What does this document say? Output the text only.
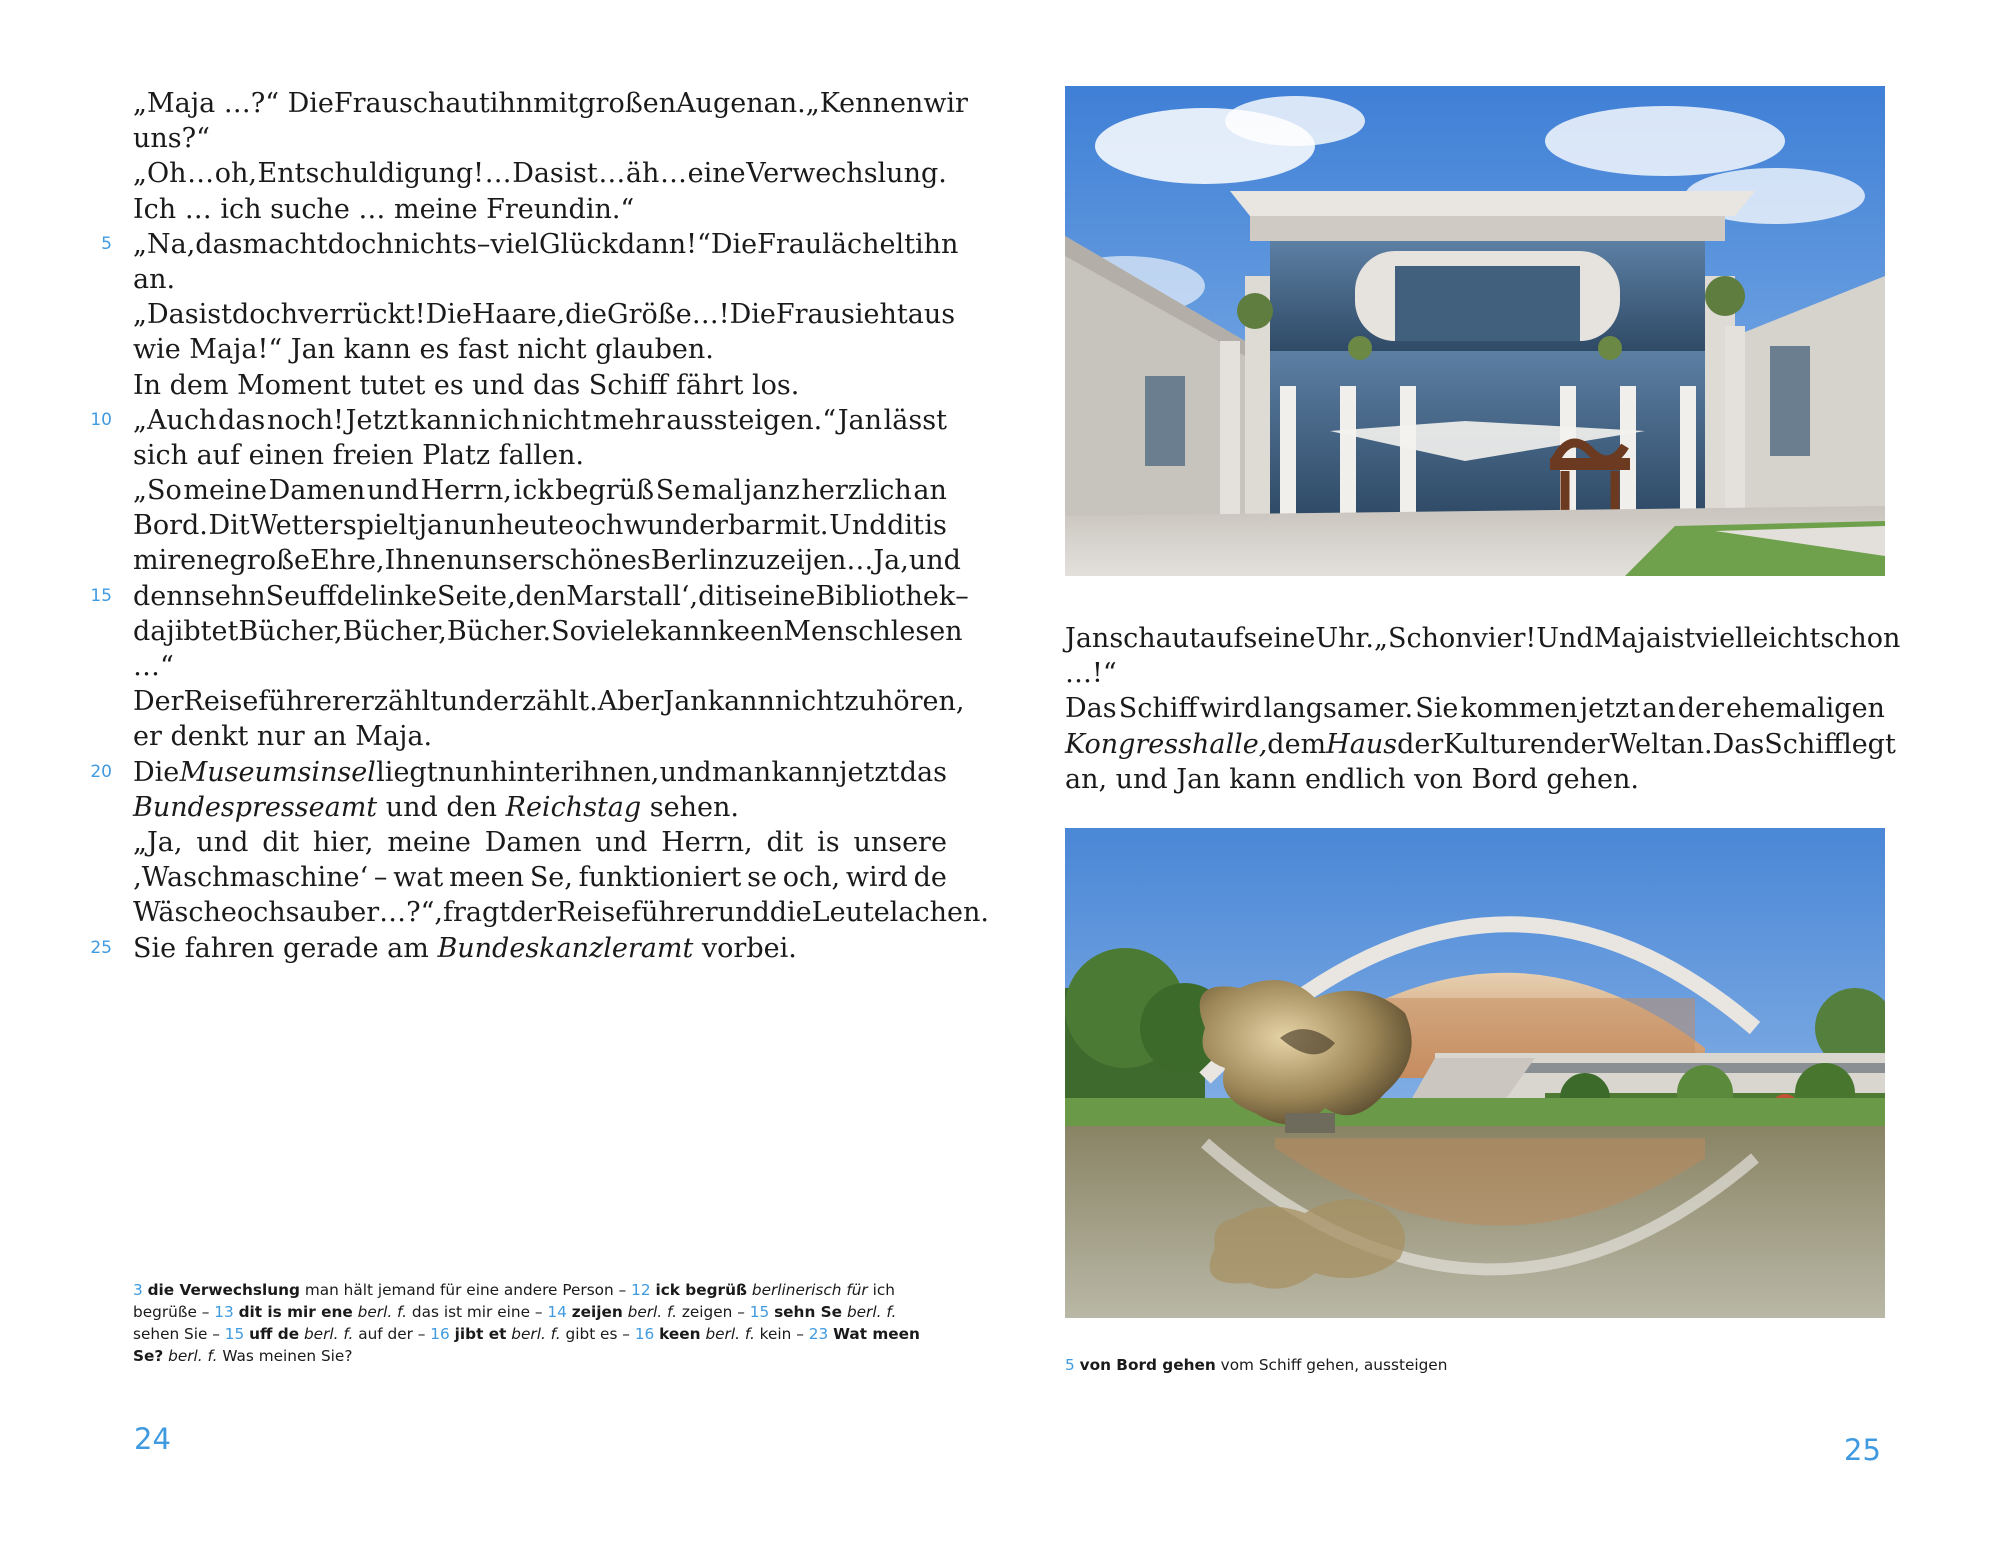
„Maja …?“ Die Frau schaut ihn mit großen Augen an. „Kennen wir
uns?“
„Oh … oh, Entschuldigung! … Das ist … äh … eine Verwechslung.
Ich … ich suche … meine Freundin.“
5 „Na, das macht doch nichts – viel Glück dann!“ Die Frau lächelt ihn
an.
„Das ist doch verrückt! Die Haare, die Größe …! Die Frau sieht aus
wie Maja!“ Jan kann es fast nicht glauben.
In dem Moment tutet es und das Schiff fährt los.
10 „Auch das noch! Jetzt kann ich nicht mehr aussteigen.“ Jan lässt
sich auf einen freien Platz fallen.
„So meine Damen und Herrn, ick begrüß Se mal janz herzlich an
Bord. Dit Wetter spielt ja nun heute och wunderbar mit. Und dit is
mir ene große Ehre, Ihnen unser schönes Berlin zu zeijen … Ja, und
15 denn sehn Se uff de linke Seite ‚den Marstall‘, dit is eine Bibliothek –
da jibt et Bücher, Bücher, Bücher. So viele kann keen Mensch lesen
…“
Der Reiseführer erzählt und erzählt. Aber Jan kann nicht zuhören,
er denkt nur an Maja.
20 Die Museumsinsel liegt nun hinter ihnen, und man kann jetzt das
Bundespresseamt und den Reichstag sehen.
„Ja, und dit hier, meine Damen und Herrn, dit is unsere
‚Waschmaschine‘ – wat meen Se, funktioniert se och, wird de
Wäsche och sauber …?“, fragt der Reiseführer und die Leute lachen.
25 Sie fahren gerade am Bundeskanzleramt vorbei.
3 die Verwechslung man hält jemand für eine andere Person – 12 ick begrüß berlinerisch für ich
begrüße – 13 dit is mir ene berl. f. das ist mir eine – 14 zeijen berl. f. zeigen – 15 sehn Se berl. f.
sehen Sie – 15 uff de berl. f. auf der – 16 jibt et berl. f. gibt es – 16 keen berl. f. kein – 23 Wat meen
Se? berl. f. Was meinen Sie?
24
Jan schaut auf seine Uhr. „Schon vier! Und Maja ist vielleicht schon
…!“
Das Schiff wird langsamer. Sie kommen jetzt an der ehemaligen
Kongresshalle, dem Haus der Kulturen der Welt an. Das Schiff legt
an, und Jan kann endlich von Bord gehen.
5 von Bord gehen vom Schiff gehen, aussteigen
25
